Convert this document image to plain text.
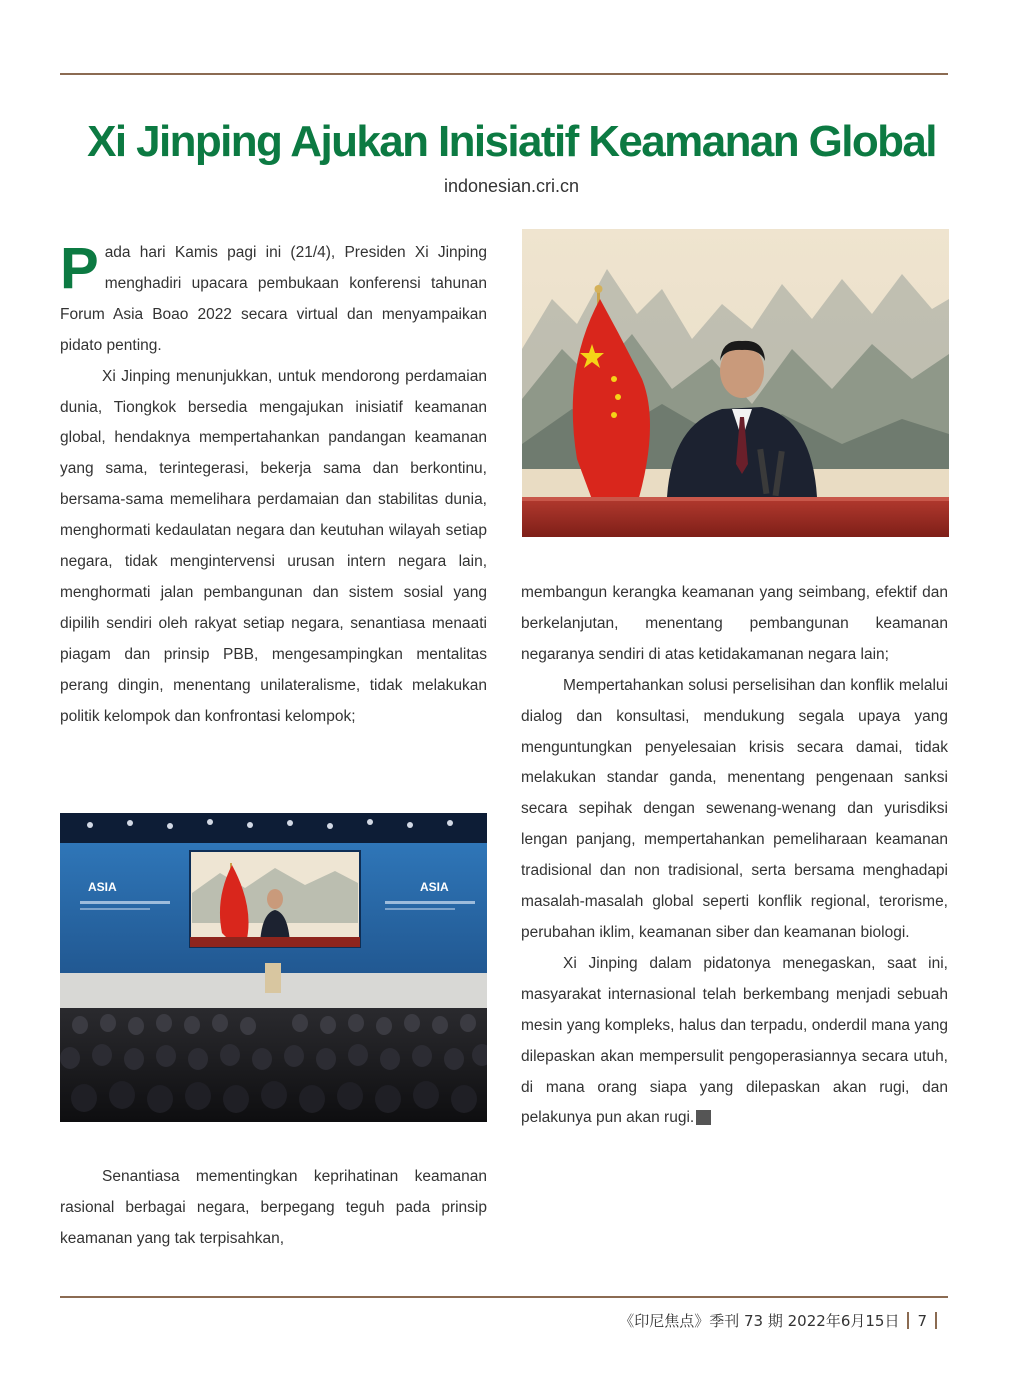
Xi Jinping Ajukan Inisiatif Keamanan Global
indonesian.cri.cn

Pada hari Kamis pagi ini (21/4), Presiden Xi Jinping menghadiri upacara pembukaan konferensi tahunan Forum Asia Boao 2022 secara virtual dan menyampaikan pidato penting.

Xi Jinping menunjukkan, untuk mendorong perdamaian dunia, Tiongkok bersedia mengajukan inisiatif keamanan global, hendaknya mempertahankan pandangan keamanan yang sama, terintegerasi, bekerja sama dan berkontinu, bersama-sama memelihara perdamaian dan stabilitas dunia, menghormati kedaulatan negara dan keutuhan wilayah setiap negara, tidak mengintervensi urusan intern negara lain, menghormati jalan pembangunan dan sistem sosial yang dipilih sendiri oleh rakyat setiap negara, senantiasa menaati piagam dan prinsip PBB, mengesampingkan mentalitas perang dingin, menentang unilateralisme, tidak melakukan politik kelompok dan konfrontasi kelompok;

ASIA	ASIA

Senantiasa mementingkan keprihatinan keamanan rasional berbagai negara, berpegang teguh pada prinsip keamanan yang tak terpisahkan,

membangun kerangka keamanan yang seimbang, efektif dan berkelanjutan, menentang pembangunan keamanan negaranya sendiri di atas ketidakamanan negara lain;

Mempertahankan solusi perselisihan dan konflik melalui dialog dan konsultasi, mendukung segala upaya yang menguntungkan penyelesaian krisis secara damai, tidak melakukan standar ganda, menentang pengenaan sanksi secara sepihak dengan sewenang-wenang dan yurisdiksi lengan panjang, mempertahankan pemeliharaan keamanan tradisional dan non tradisional, serta bersama menghadapi masalah-masalah global seperti konflik regional, terorisme, perubahan iklim, keamanan siber dan keamanan biologi.

Xi Jinping dalam pidatonya menegaskan, saat ini, masyarakat internasional telah berkembang menjadi sebuah mesin yang kompleks, halus dan terpadu, onderdil mana yang dilepaskan akan mempersulit pengoperasiannya secara utuh, di mana orang siapa yang dilepaskan akan rugi, dan pelakunya pun akan rugi.	印

《印尼焦点》季刊 73 期 2022年6月15日 7
